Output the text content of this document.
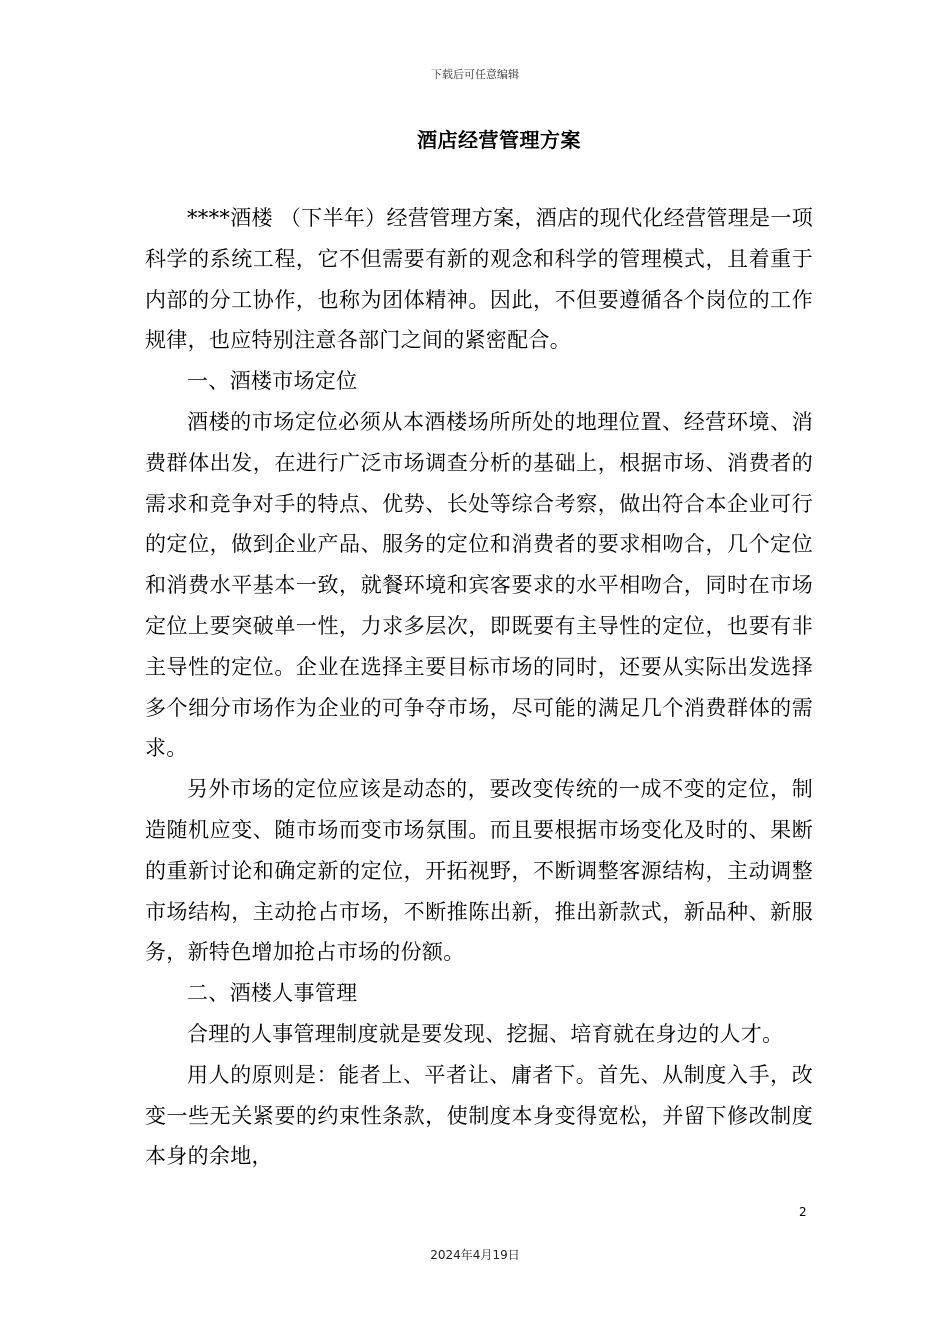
下载后可任意编辑
酒店经营管理方案

****酒楼 （下半年）经营管理方案，酒店的现代化经营管理是一项科学的系统工程，它不但需要有新的观念和科学的管理模式，且着重于内部的分工协作，也称为团体精神。因此，不但要遵循各个岗位的工作规律，也应特别注意各部门之间的紧密配合。

一、酒楼市场定位

酒楼的市场定位必须从本酒楼场所所处的地理位置、经营环境、消费群体出发，在进行广泛市场调查分析的基础上，根据市场、消费者的需求和竞争对手的特点、优势、长处等综合考察，做出符合本企业可行的定位，做到企业产品、服务的定位和消费者的要求相吻合，几个定位和消费水平基本一致，就餐环境和宾客要求的水平相吻合，同时在市场定位上要突破单一性，力求多层次，即既要有主导性的定位，也要有非主导性的定位。企业在选择主要目标市场的同时，还要从实际出发选择多个细分市场作为企业的可争夺市场，尽可能的满足几个消费群体的需求。

另外市场的定位应该是动态的，要改变传统的一成不变的定位，制造随机应变、随市场而变市场氛围。而且要根据市场变化及时的、果断的重新讨论和确定新的定位，开拓视野，不断调整客源结构，主动调整市场结构，主动抢占市场，不断推陈出新，推出新款式，新品种、新服务，新特色增加抢占市场的份额。

二、酒楼人事管理

合理的人事管理制度就是要发现、挖掘、培育就在身边的人才。

用人的原则是：能者上、平者让、庸者下。首先、从制度入手，改变一些无关紧要的约束性条款，使制度本身变得宽松，并留下修改制度本身的余地，

2
2024年4月19日
